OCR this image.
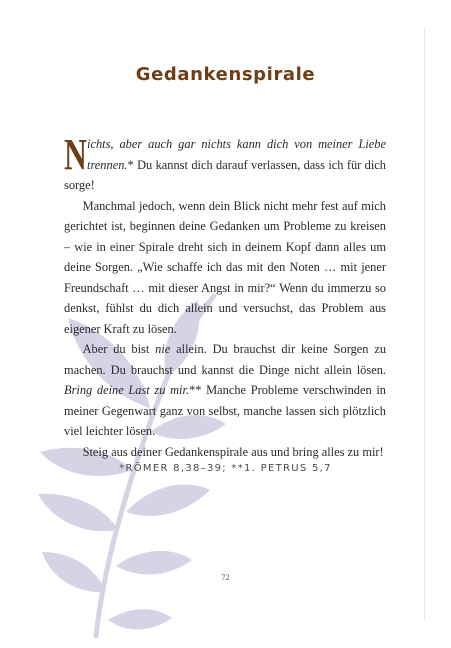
Gedankenspirale

Nichts, aber auch gar nichts kann dich von meiner Liebe trennen.* Du kannst dich darauf verlassen, dass ich für dich sorge!

Manchmal jedoch, wenn dein Blick nicht mehr fest auf mich gerichtet ist, beginnen deine Gedanken um Probleme zu kreisen – wie in einer Spirale dreht sich in deinem Kopf dann alles um deine Sorgen. „Wie schaffe ich das mit den Noten … mit jener Freundschaft … mit dieser Angst in mir?“ Wenn du immerzu so denkst, fühlst du dich allein und versuchst, das Problem aus eigener Kraft zu lösen.

Aber du bist nie allein. Du brauchst dir keine Sorgen zu machen. Du brauchst und kannst die Dinge nicht allein lösen. Bring deine Last zu mir.** Manche Probleme verschwinden in meiner Gegenwart ganz von selbst, manche lassen sich plötzlich viel leichter lösen.

Steig aus deiner Gedankenspirale aus und bring alles zu mir!

*RÖMER 8,38–39; **1. PETRUS 5,7
72
